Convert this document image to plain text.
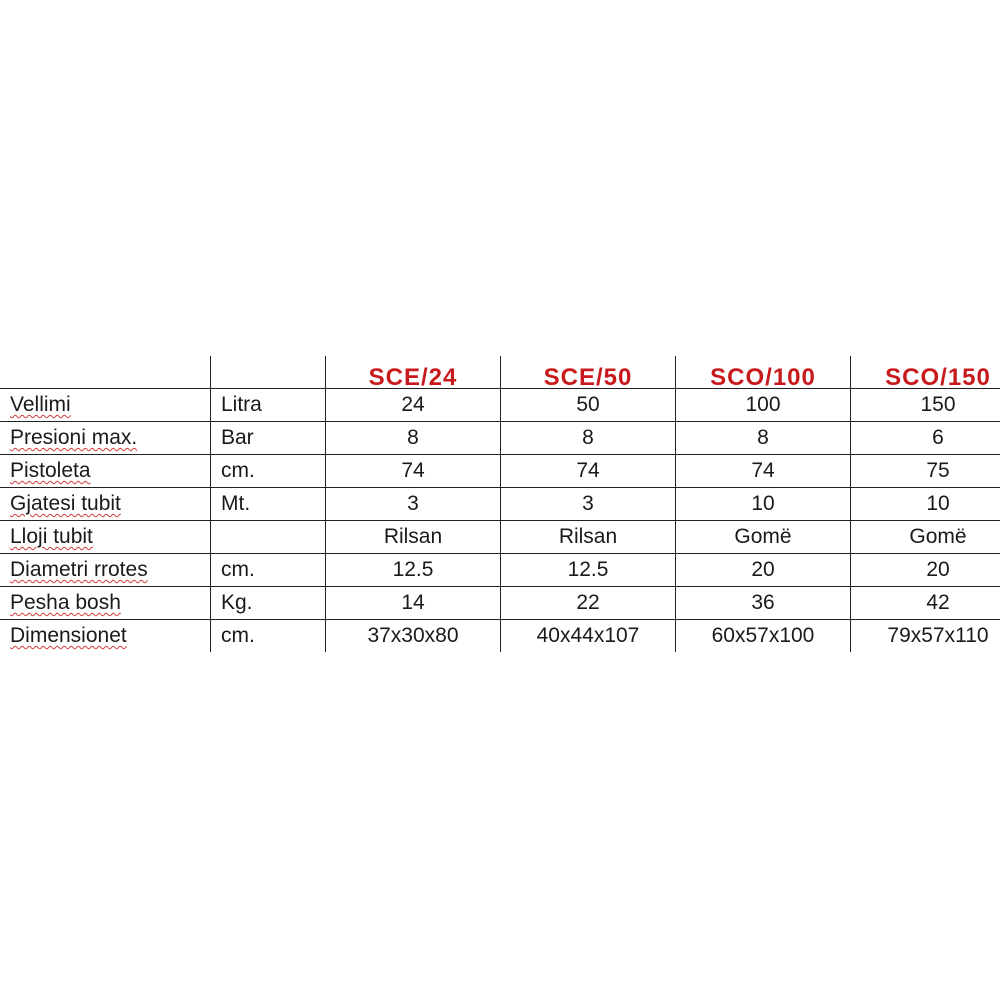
		SCE/24	SCE/50	SCO/100	SCO/150
Vellimi	Litra	24	50	100	150
Presioni max.	Bar	8	8	8	6
Pistoleta	cm.	74	74	74	75
Gjatesi tubit	Mt.	3	3	10	10
Lloji tubit		Rilsan	Rilsan	Gomë	Gomë
Diametri rrotes	cm.	12.5	12.5	20	20
Pesha bosh	Kg.	14	22	36	42
Dimensionet	cm.	37x30x80	40x44x107	60x57x100	79x57x110
